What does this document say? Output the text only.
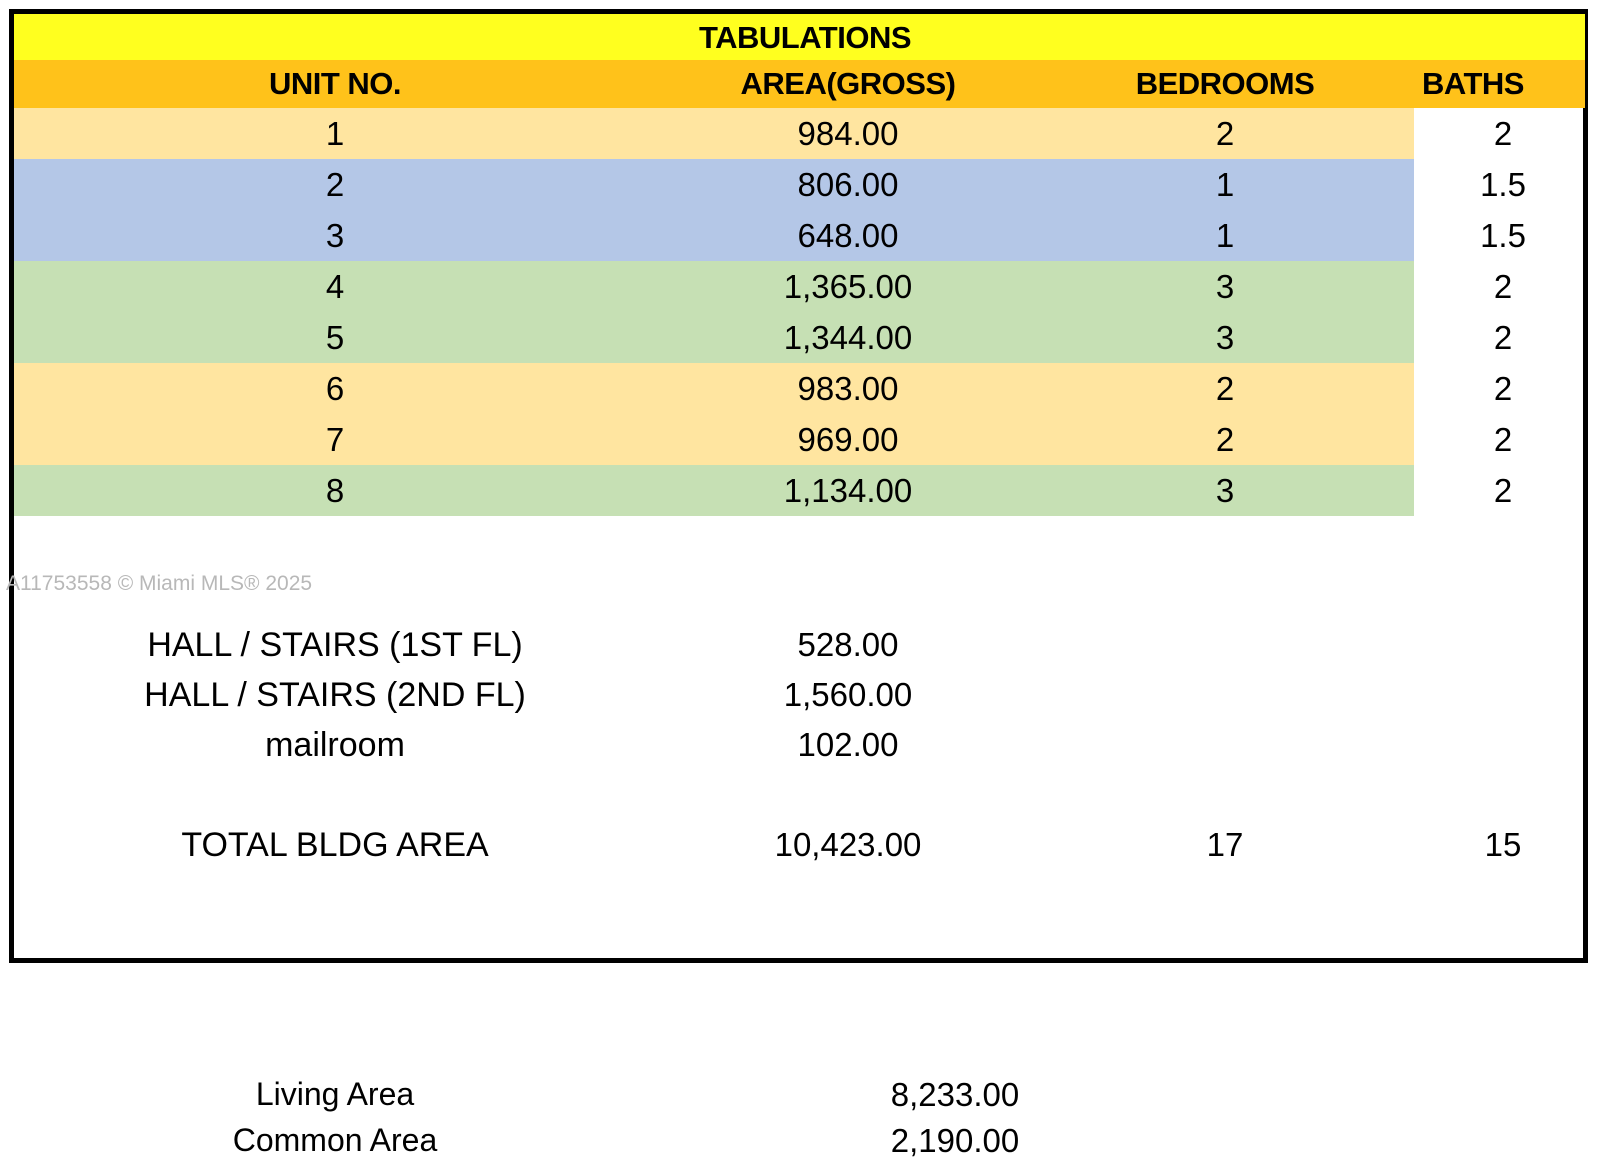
TABULATIONS
UNIT NO.	AREA(GROSS)	BEDROOMS	BATHS
1	984.00	2	2
2	806.00	1	1.5
3	648.00	1	1.5
4	1,365.00	3	2
5	1,344.00	3	2
6	983.00	2	2
7	969.00	2	2
8	1,134.00	3	2
A11753558 © Miami MLS® 2025
HALL / STAIRS (1ST FL)	528.00
HALL / STAIRS (2ND FL)	1,560.00
mailroom	102.00
TOTAL BLDG AREA	10,423.00	17	15
Living Area	8,233.00
Common Area	2,190.00
